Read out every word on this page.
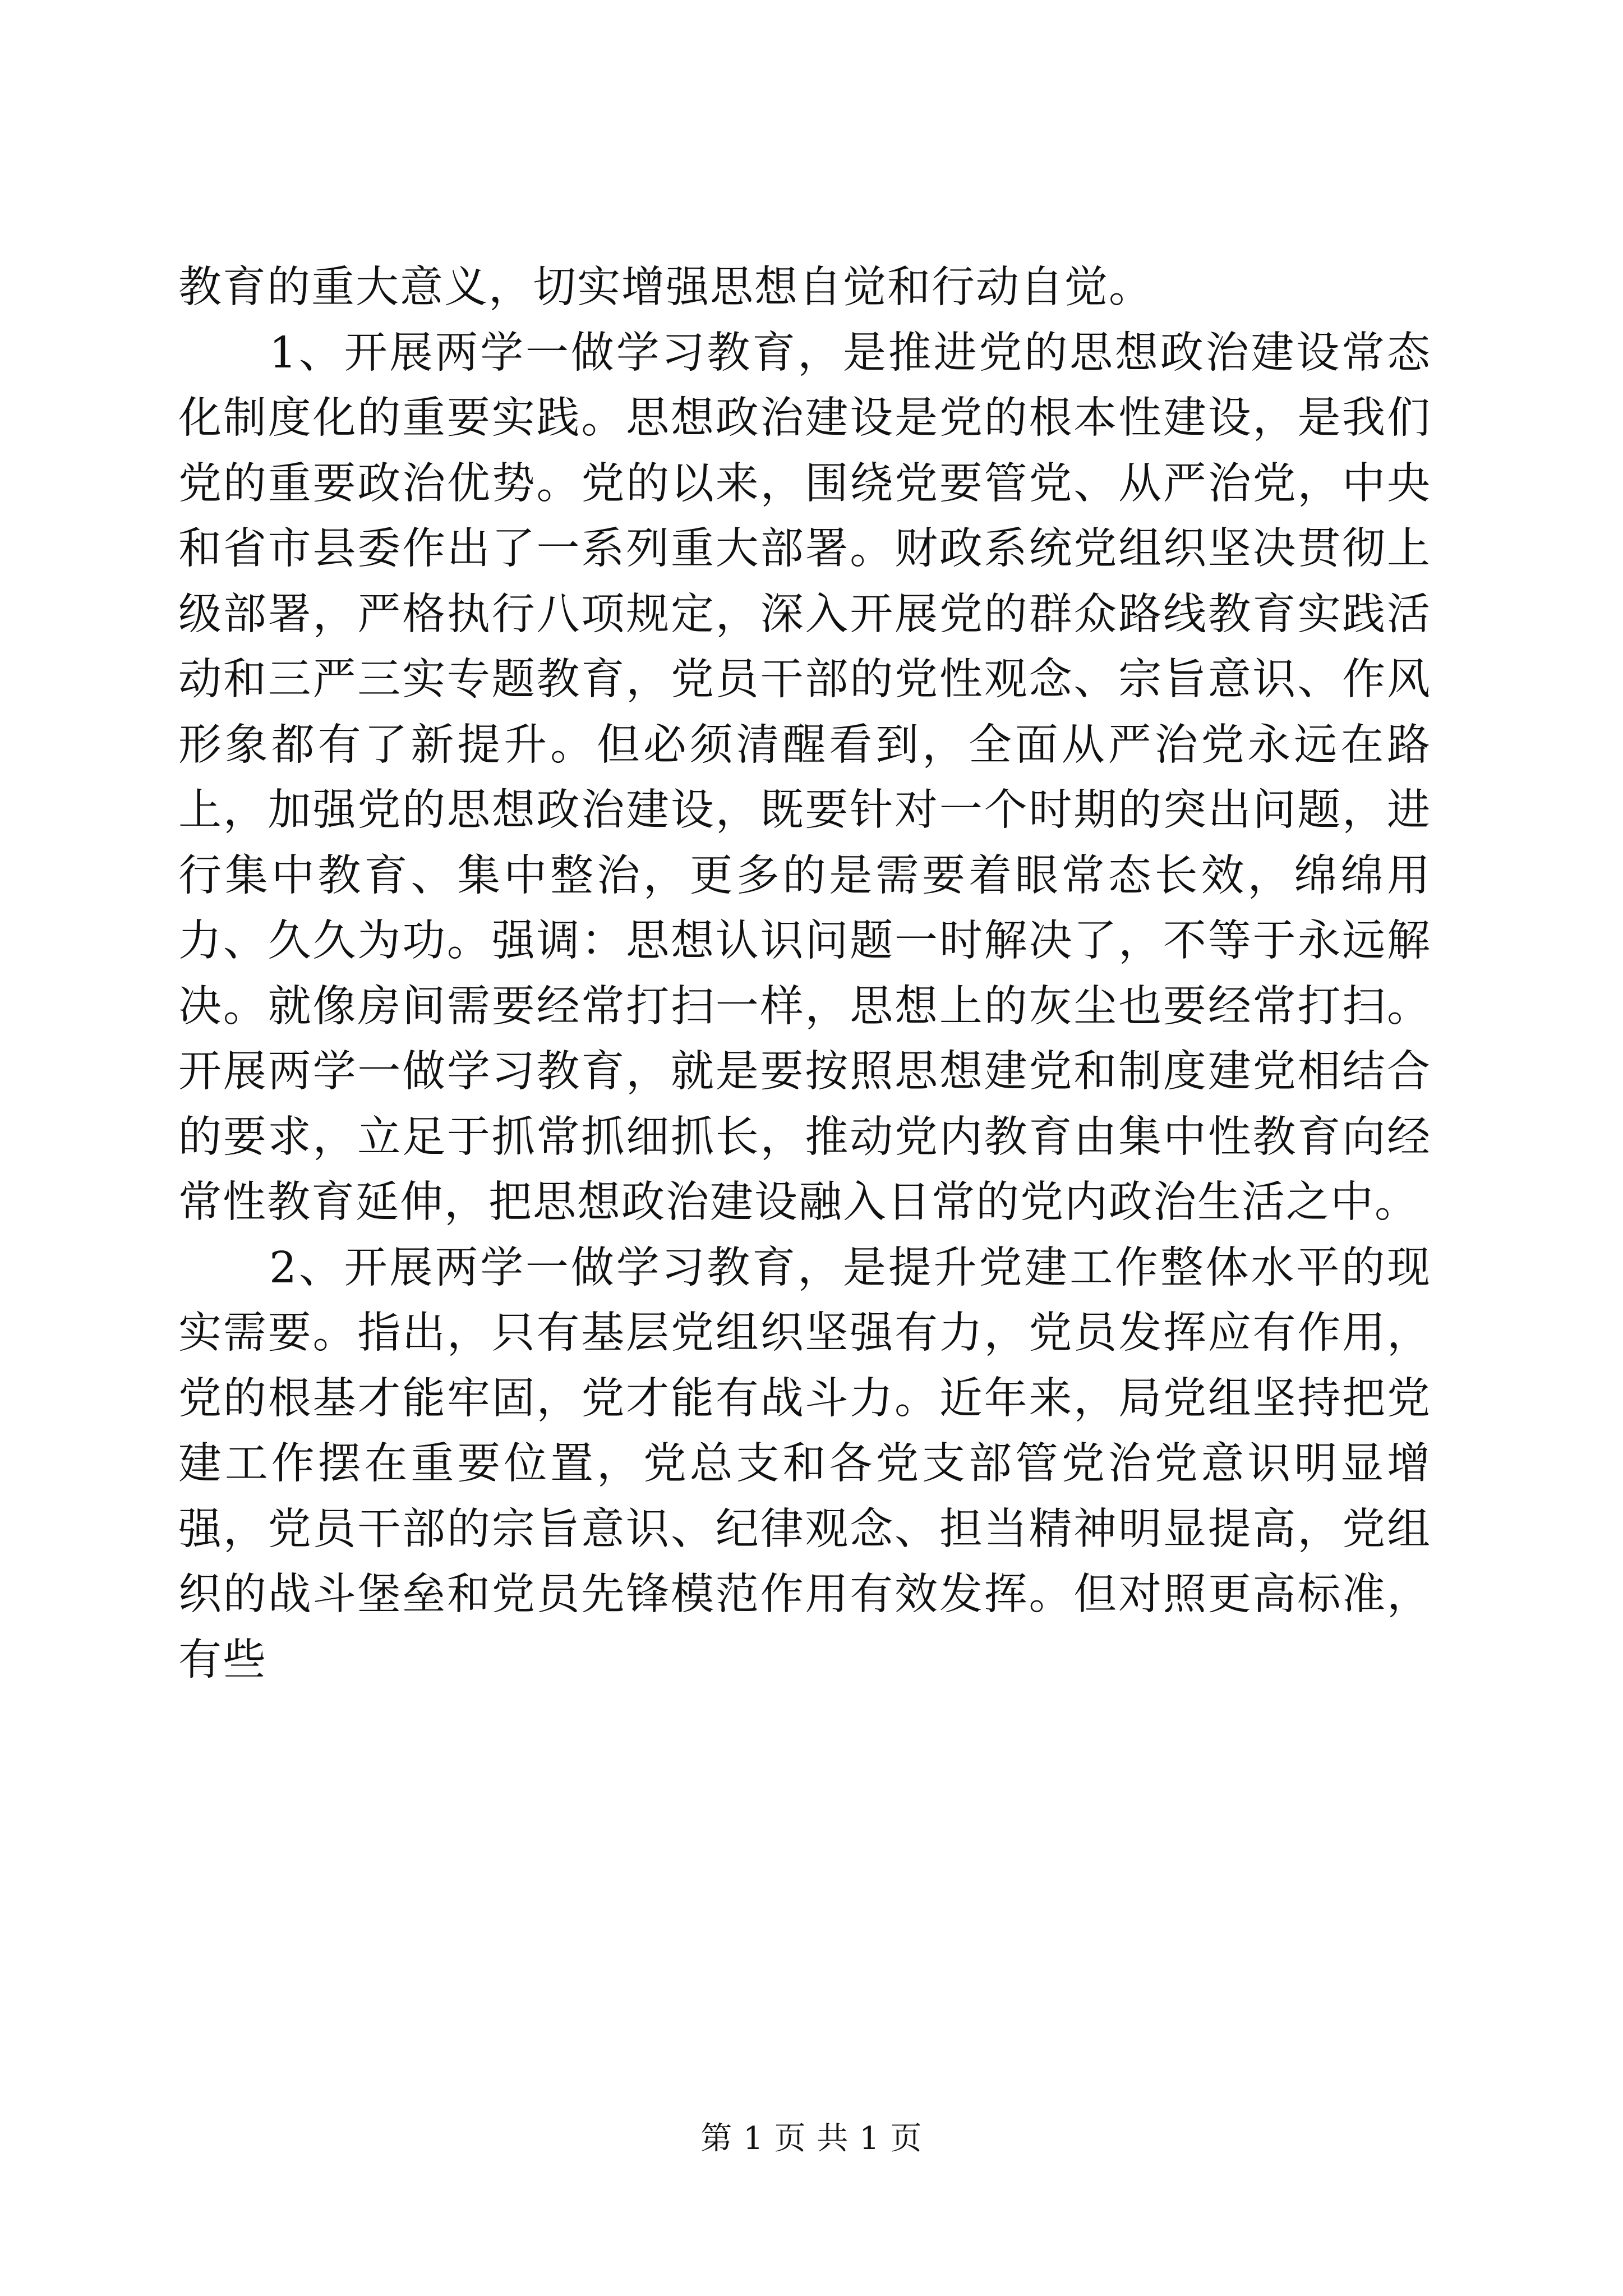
教育的重大意义，切实增强思想自觉和行动自觉。

1、开展两学一做学习教育，是推进党的思想政治建设常态化制度化的重要实践。思想政治建设是党的根本性建设，是我们党的重要政治优势。党的以来，围绕党要管党、从严治党，中央和省市县委作出了一系列重大部署。财政系统党组织坚决贯彻上级部署，严格执行八项规定，深入开展党的群众路线教育实践活动和三严三实专题教育，党员干部的党性观念、宗旨意识、作风形象都有了新提升。但必须清醒看到，全面从严治党永远在路上，加强党的思想政治建设，既要针对一个时期的突出问题，进行集中教育、集中整治，更多的是需要着眼常态长效，绵绵用力、久久为功。强调：思想认识问题一时解决了，不等于永远解决。就像房间需要经常打扫一样，思想上的灰尘也要经常打扫。开展两学一做学习教育，就是要按照思想建党和制度建党相结合的要求，立足于抓常抓细抓长，推动党内教育由集中性教育向经常性教育延伸，把思想政治建设融入日常的党内政治生活之中。

2、开展两学一做学习教育，是提升党建工作整体水平的现实需要。指出，只有基层党组织坚强有力，党员发挥应有作用，党的根基才能牢固，党才能有战斗力。近年来，局党组坚持把党建工作摆在重要位置，党总支和各党支部管党治党意识明显增强，党员干部的宗旨意识、纪律观念、担当精神明显提高，党组织的战斗堡垒和党员先锋模范作用有效发挥。但对照更高标准，有些

第 1 页 共 1 页
